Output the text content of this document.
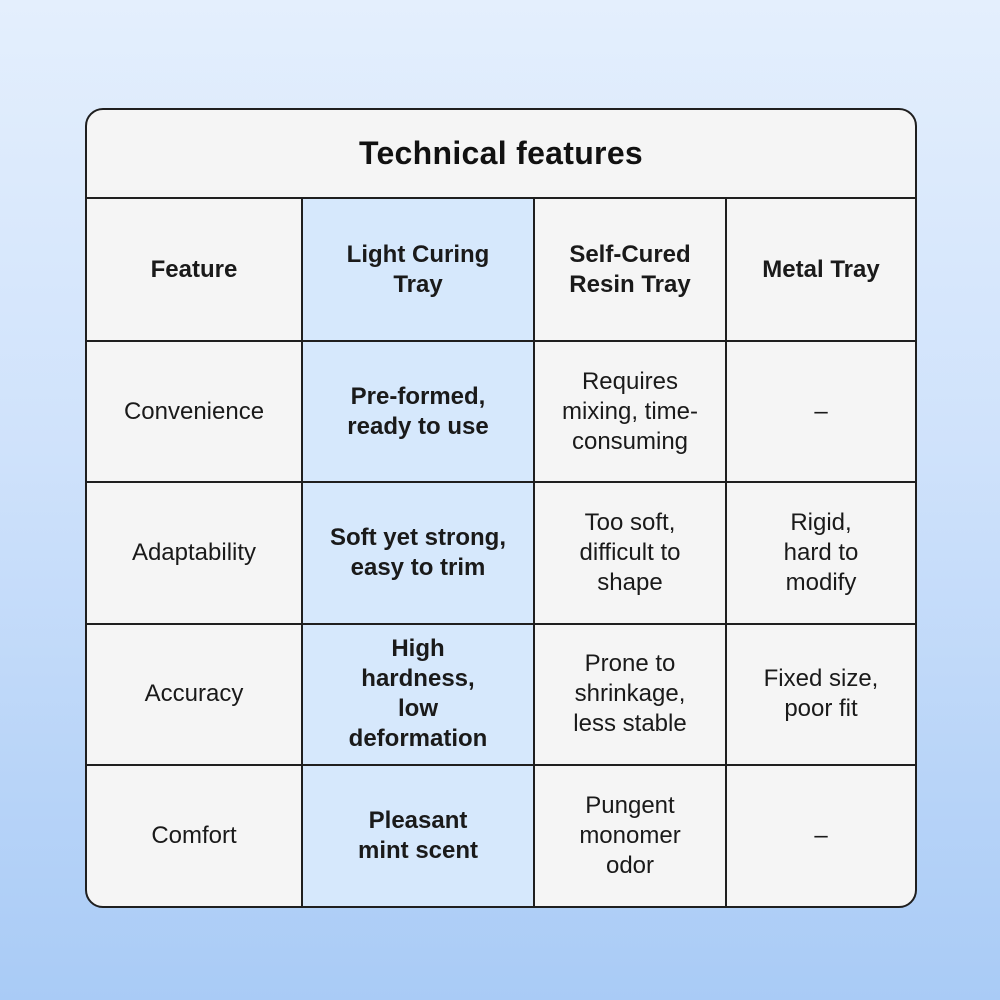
Technical features
Feature	Light Curing Tray	Self-Cured Resin Tray	Metal Tray
Convenience	Pre-formed, ready to use	Requires mixing, time-consuming	–
Adaptability	Soft yet strong, easy to trim	Too soft, difficult to shape	Rigid, hard to modify
Accuracy	High hardness, low deformation	Prone to shrinkage, less stable	Fixed size, poor fit
Comfort	Pleasant mint scent	Pungent monomer odor	–
